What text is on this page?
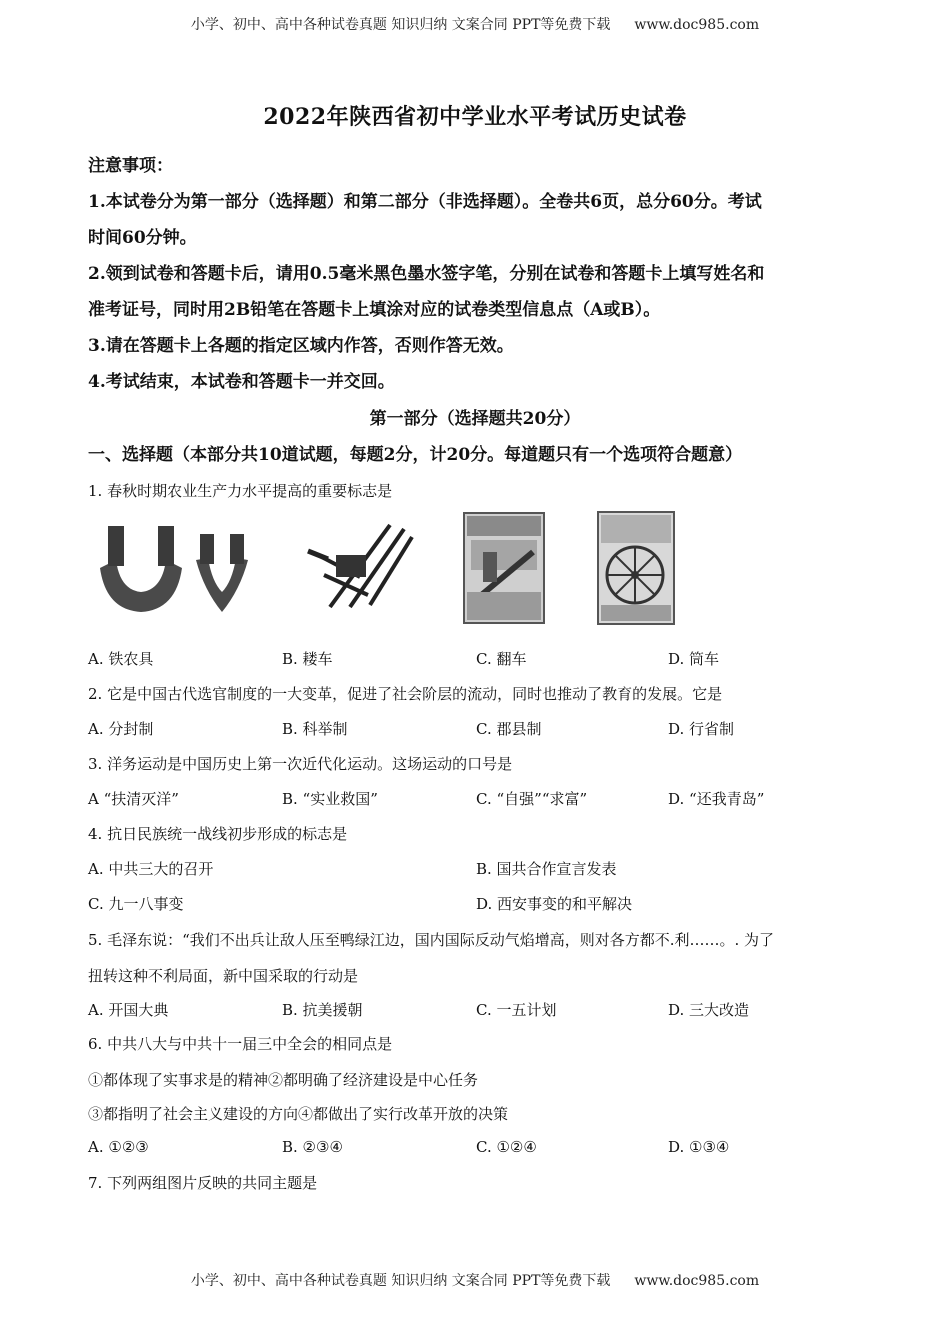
小学、初中、高中各种试卷真题 知识归纳 文案合同 PPT等免费下载 www.doc985.com
2022年陕西省初中学业水平考试历史试卷
注意事项：
1.本试卷分为第一部分（选择题）和第二部分（非选择题）。全卷共6页，总分60分。考试
时间60分钟。
2.领到试卷和答题卡后，请用0.5毫米黑色墨水签字笔，分别在试卷和答题卡上填写姓名和
准考证号，同时用2B铅笔在答题卡上填涂对应的试卷类型信息点（A或B）。
3.请在答题卡上各题的指定区域内作答，否则作答无效。
4.考试结束，本试卷和答题卡一并交回。
第一部分（选择题共20分）
一、选择题（本部分共10道试题，每题2分，计20分。每道题只有一个选项符合题意）
1. 春秋时期农业生产力水平提高的重要标志是
A. 铁农具	B. 耧车	C. 翻车	D. 筒车
2. 它是中国古代选官制度的一大变革，促进了社会阶层的流动，同时也推动了教育的发展。它是
A. 分封制	B. 科举制	C. 郡县制	D. 行省制
3. 洋务运动是中国历史上第一次近代化运动。这场运动的口号是
A “扶清灭洋”	B. “实业救国”	C. “自强”“求富”	D. “还我青岛”
4. 抗日民族统一战线初步形成的标志是
A. 中共三大的召开	B. 国共合作宣言发表
C. 九一八事变	D. 西安事变的和平解决
5. 毛泽东说：“我们不出兵让敌人压至鸭绿江边，国内国际反动气焰增高，则对各方都不.利……。. 为了
扭转这种不利局面，新中国采取的行动是
A. 开国大典	B. 抗美援朝	C. 一五计划	D. 三大改造
6. 中共八大与中共十一届三中全会的相同点是
①都体现了实事求是的精神②都明确了经济建设是中心任务
③都指明了社会主义建设的方向④都做出了实行改革开放的决策
A. ①②③	B. ②③④	C. ①②④	D. ①③④
7. 下列两组图片反映的共同主题是
小学、初中、高中各种试卷真题 知识归纳 文案合同 PPT等免费下载 www.doc985.com
